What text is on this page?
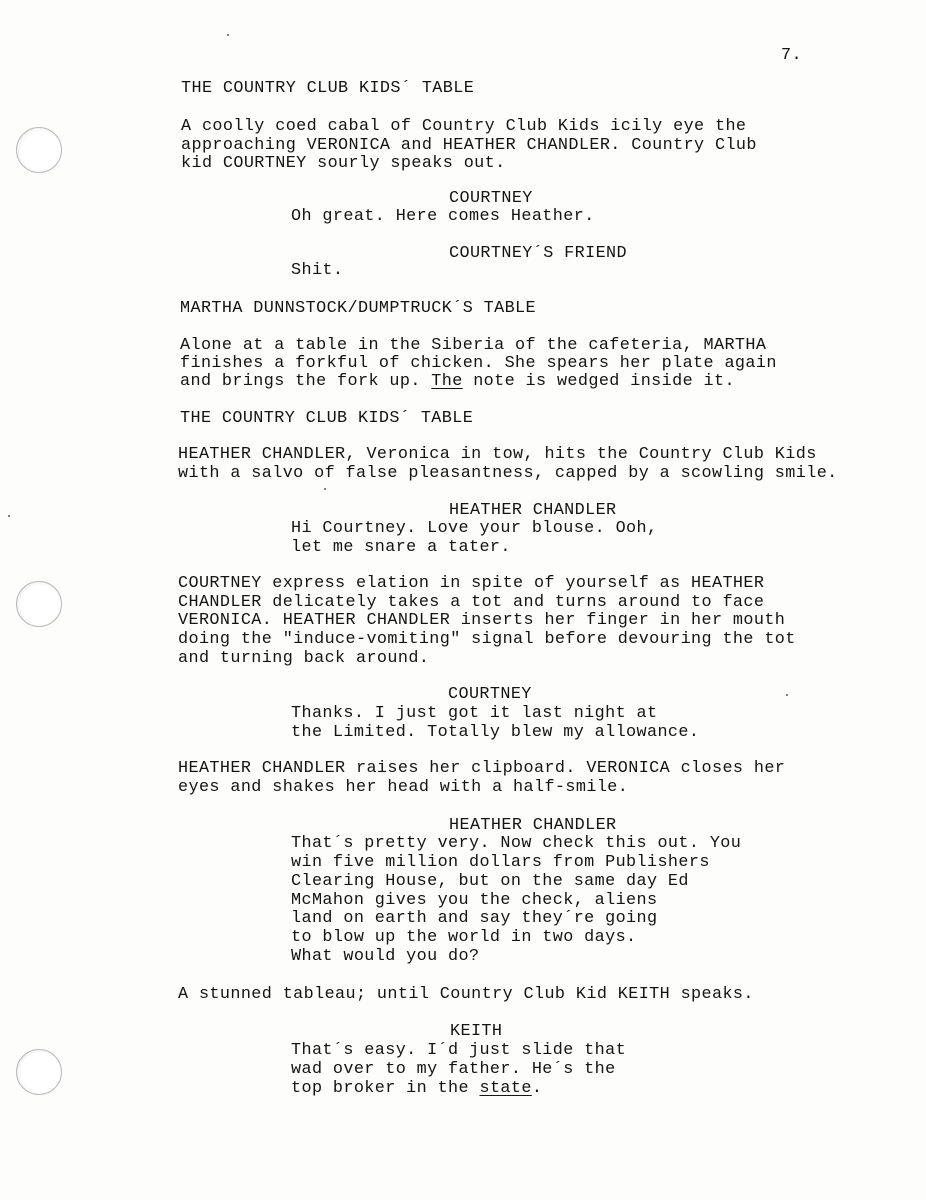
7.
THE COUNTRY CLUB KIDS´ TABLE
A coolly coed cabal of Country Club Kids icily eye the
approaching VERONICA and HEATHER CHANDLER. Country Club
kid COURTNEY sourly speaks out.
COURTNEY
Oh great. Here comes Heather.
COURTNEY´S FRIEND
Shit.
MARTHA DUNNSTOCK/DUMPTRUCK´S TABLE
Alone at a table in the Siberia of the cafeteria, MARTHA
finishes a forkful of chicken. She spears her plate again
and brings the fork up. The note is wedged inside it.
THE COUNTRY CLUB KIDS´ TABLE
HEATHER CHANDLER, Veronica in tow, hits the Country Club Kids
with a salvo of false pleasantness, capped by a scowling smile.
HEATHER CHANDLER
Hi Courtney. Love your blouse. Ooh,
let me snare a tater.
COURTNEY express elation in spite of yourself as HEATHER
CHANDLER delicately takes a tot and turns around to face
VERONICA. HEATHER CHANDLER inserts her finger in her mouth
doing the "induce-vomiting" signal before devouring the tot
and turning back around.
COURTNEY
Thanks. I just got it last night at
the Limited. Totally blew my allowance.
HEATHER CHANDLER raises her clipboard. VERONICA closes her
eyes and shakes her head with a half-smile.
HEATHER CHANDLER
That´s pretty very. Now check this out. You
win five million dollars from Publishers
Clearing House, but on the same day Ed
McMahon gives you the check, aliens
land on earth and say they´re going
to blow up the world in two days.
What would you do?
A stunned tableau; until Country Club Kid KEITH speaks.
KEITH
That´s easy. I´d just slide that
wad over to my father. He´s the
top broker in the state.
